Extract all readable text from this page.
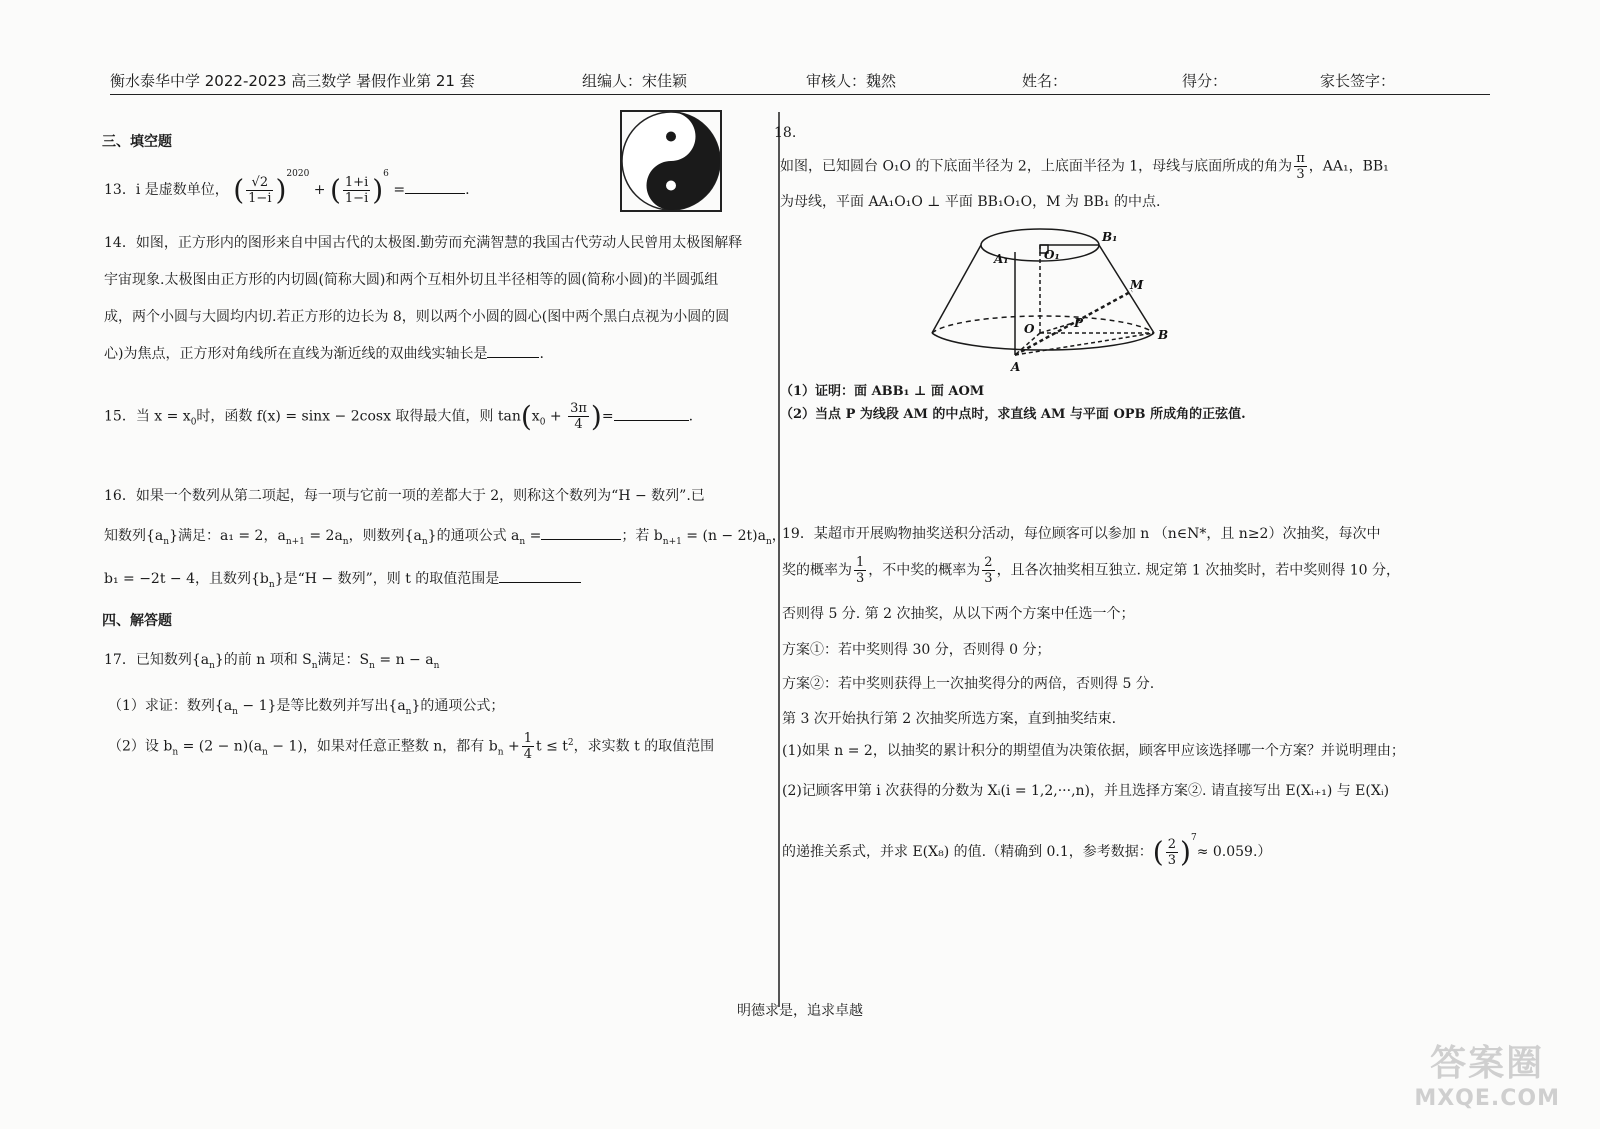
衡水泰华中学 2022-2023 高三数学 暑假作业第 21 套	组编人：宋佳颖	审核人：魏然	姓名：	得分：	家长签字：
三、填空题
13．i 是虚数单位， ( $\frac{√2}{1-i} )^{2020}$ + ( $\frac{1+i}{1-i} )^6$ =	.
14．如图，正方形内的图形来自中国古代的太极图.勤劳而充满智慧的我国古代劳动人民曾用太极图解释宇宙现象.太极图由正方形的内切圆(简称大圆)和两个互相外切且半径相等的圆(简称小圆)的半圆弧组成，两个小圆与大圆均内切.若正方形的边长为 8，则以两个小圆的圆心(图中两个黑白点视为小圆的圆心)为焦点，正方形对角线所在直线为渐近线的双曲线实轴长是	.
15．当 $x = x_0$时，函数 f(x) = sinx − 2cosx 取得最大值，则 $\tan(x_0 + \frac{3\pi}{4}$ )=	.
16．如果一个数列从第二项起，每一项与它前一项的差都大于 2，则称这个数列为“H − 数列”.已
知数列$\{a_n\}$满足：a₁ = 2，$a_{n+1} = 2a_n$，则数列$\{a_n\}$的通项公式 $a_n$ =	；若 $b_{n+1} = (n - 2t)a_n$，
b₁ = −2t − 4，且数列$\{b_n\}$是“H − 数列”，则 t 的取值范围是
四、解答题
17．已知数列$\{a_n\}$的前 n 项和 $S_n$满足：$S_n = n - a_n$
（1）求证：数列$\{a_n - 1\}$是等比数列并写出$\{a_n\}$的通项公式；
（2）设 $b_n = (2 - n)(a_n - 1)$，如果对任意正整数 n，都有 $b_n + \frac{1}{4}$ $t \le t^2$，求实数 t 的取值范围
18.
如图，已知圆台 O₁O 的下底面半径为 2，上底面半径为 1，母线与底面所成的角为 $\frac{\pi}{3}$ ，AA₁，BB₁
为母线，平面 AA₁O₁O ⊥ 平面 BB₁O₁O，M 为 BB₁ 的中点.
O₁
A₁
B₁
M
O	P
B
A
（1）证明：面 ABB₁ ⊥ 面 AOM
（2）当点 P 为线段 AM 的中点时，求直线 AM 与平面 OPB 所成角的正弦值.
19．某超市开展购物抽奖送积分活动，每位顾客可以参加 n （n∈N*，且 n≥2）次抽奖，每次中
奖的概率为 $\frac{1}{3}$ ，不中奖的概率为 $\frac{2}{3}$ ，且各次抽奖相互独立. 规定第 1 次抽奖时，若中奖则得 10 分，
否则得 5 分. 第 2 次抽奖，从以下两个方案中任选一个；
方案①：若中奖则得 30 分，否则得 0 分；
方案②：若中奖则获得上一次抽奖得分的两倍，否则得 5 分.
第 3 次开始执行第 2 次抽奖所选方案，直到抽奖结束.
(1)如果 n = 2，以抽奖的累计积分的期望值为决策依据，顾客甲应该选择哪一个方案？并说明理由；
(2)记顾客甲第 i 次获得的分数为 Xᵢ(i = 1,2,···,n)，并且选择方案②. 请直接写出 E(Xᵢ₊₁) 与 E(Xᵢ)
的递推关系式，并求 E(X₈) 的值.（精确到 0.1，参考数据：( $\frac{2}{3} )^7\approx 0.059$.）
明德求是，追求卓越
答案圈
MXQE.COM
